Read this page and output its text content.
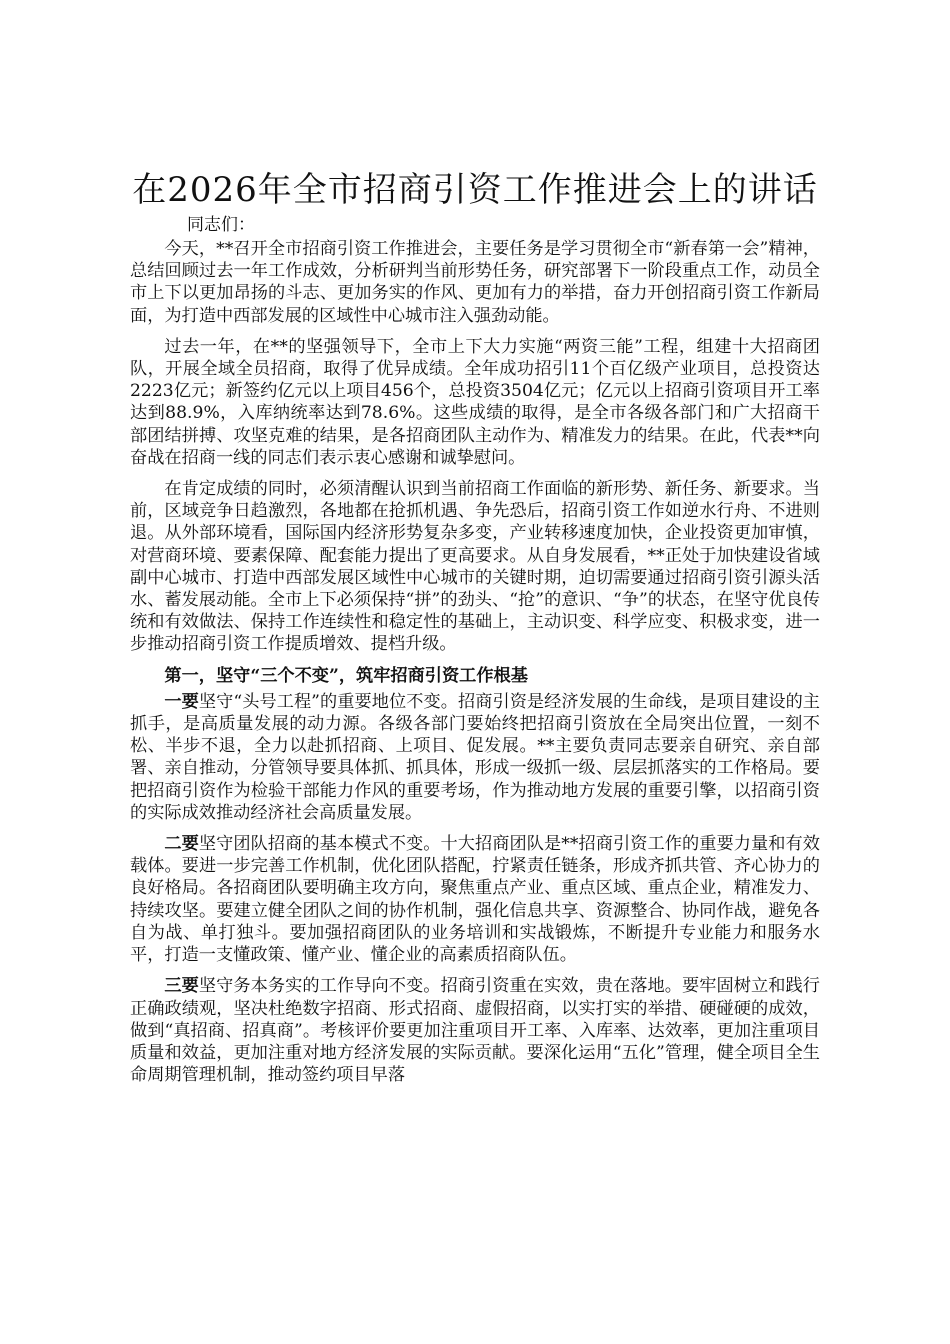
在2026年全市招商引资工作推进会上的讲话

同志们：

今天，**召开全市招商引资工作推进会，主要任务是学习贯彻全市“新春第一会”精神，总结回顾过去一年工作成效，分析研判当前形势任务，研究部署下一阶段重点工作，动员全市上下以更加昂扬的斗志、更加务实的作风、更加有力的举措，奋力开创招商引资工作新局面，为打造中西部发展的区域性中心城市注入强劲动能。

过去一年，在**的坚强领导下，全市上下大力实施“两资三能”工程，组建十大招商团队，开展全域全员招商，取得了优异成绩。全年成功招引11个百亿级产业项目，总投资达2223亿元；新签约亿元以上项目456个，总投资3504亿元；亿元以上招商引资项目开工率达到88.9%，入库纳统率达到78.6%。这些成绩的取得，是全市各级各部门和广大招商干部团结拼搏、攻坚克难的结果，是各招商团队主动作为、精准发力的结果。在此，代表**向奋战在招商一线的同志们表示衷心感谢和诚挚慰问。

在肯定成绩的同时，必须清醒认识到当前招商工作面临的新形势、新任务、新要求。当前，区域竞争日趋激烈，各地都在抢抓机遇、争先恐后，招商引资工作如逆水行舟、不进则退。从外部环境看，国际国内经济形势复杂多变，产业转移速度加快，企业投资更加审慎，对营商环境、要素保障、配套能力提出了更高要求。从自身发展看，**正处于加快建设省域副中心城市、打造中西部发展区域性中心城市的关键时期，迫切需要通过招商引资引源头活水、蓄发展动能。全市上下必须保持“拼”的劲头、“抢”的意识、“争”的状态，在坚守优良传统和有效做法、保持工作连续性和稳定性的基础上，主动识变、科学应变、积极求变，进一步推动招商引资工作提质增效、提档升级。

第一，坚守“三个不变”，筑牢招商引资工作根基

一要坚守“头号工程”的重要地位不变。招商引资是经济发展的生命线，是项目建设的主抓手，是高质量发展的动力源。各级各部门要始终把招商引资放在全局突出位置，一刻不松、半步不退，全力以赴抓招商、上项目、促发展。**主要负责同志要亲自研究、亲自部署、亲自推动，分管领导要具体抓、抓具体，形成一级抓一级、层层抓落实的工作格局。要把招商引资作为检验干部能力作风的重要考场，作为推动地方发展的重要引擎，以招商引资的实际成效推动经济社会高质量发展。

二要坚守团队招商的基本模式不变。十大招商团队是**招商引资工作的重要力量和有效载体。要进一步完善工作机制，优化团队搭配，拧紧责任链条，形成齐抓共管、齐心协力的良好格局。各招商团队要明确主攻方向，聚焦重点产业、重点区域、重点企业，精准发力、持续攻坚。要建立健全团队之间的协作机制，强化信息共享、资源整合、协同作战，避免各自为战、单打独斗。要加强招商团队的业务培训和实战锻炼，不断提升专业能力和服务水平，打造一支懂政策、懂产业、懂企业的高素质招商队伍。

三要坚守务本务实的工作导向不变。招商引资重在实效，贵在落地。要牢固树立和践行正确政绩观，坚决杜绝数字招商、形式招商、虚假招商，以实打实的举措、硬碰硬的成效，做到“真招商、招真商”。考核评价要更加注重项目开工率、入库率、达效率，更加注重项目质量和效益，更加注重对地方经济发展的实际贡献。要深化运用“五化”管理，健全项目全生命周期管理机制，推动签约项目早落
